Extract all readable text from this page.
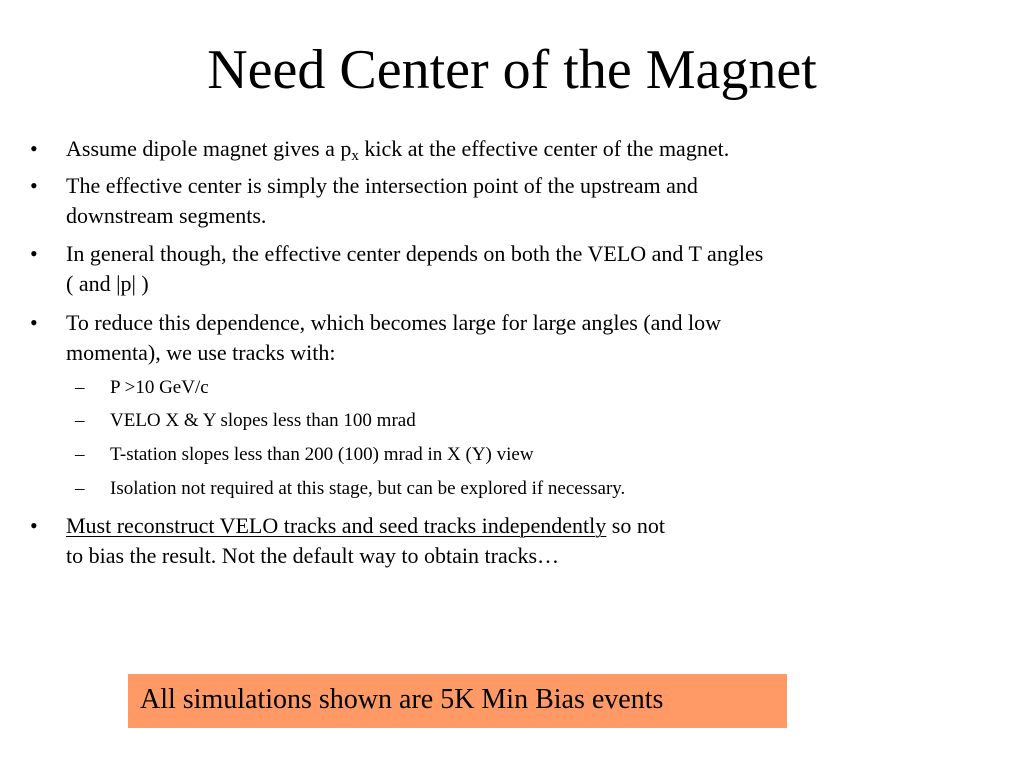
Need Center of the Magnet
• Assume dipole magnet gives a $p_x$ kick at the effective center of the magnet.
• The effective center is simply the intersection point of the upstream and
downstream segments.
• In general though, the effective center depends on both the VELO and T angles
( and |p| )
• To reduce this dependence, which becomes large for large angles (and low
momenta), we use tracks with:
– P >10 GeV/c
– VELO X & Y slopes less than 100 mrad
– T-station slopes less than 200 (100) mrad in X (Y) view
– Isolation not required at this stage, but can be explored if necessary.
• Must reconstruct VELO tracks and seed tracks independently so not
to bias the result. Not the default way to obtain tracks…
All simulations shown are 5K Min Bias events
